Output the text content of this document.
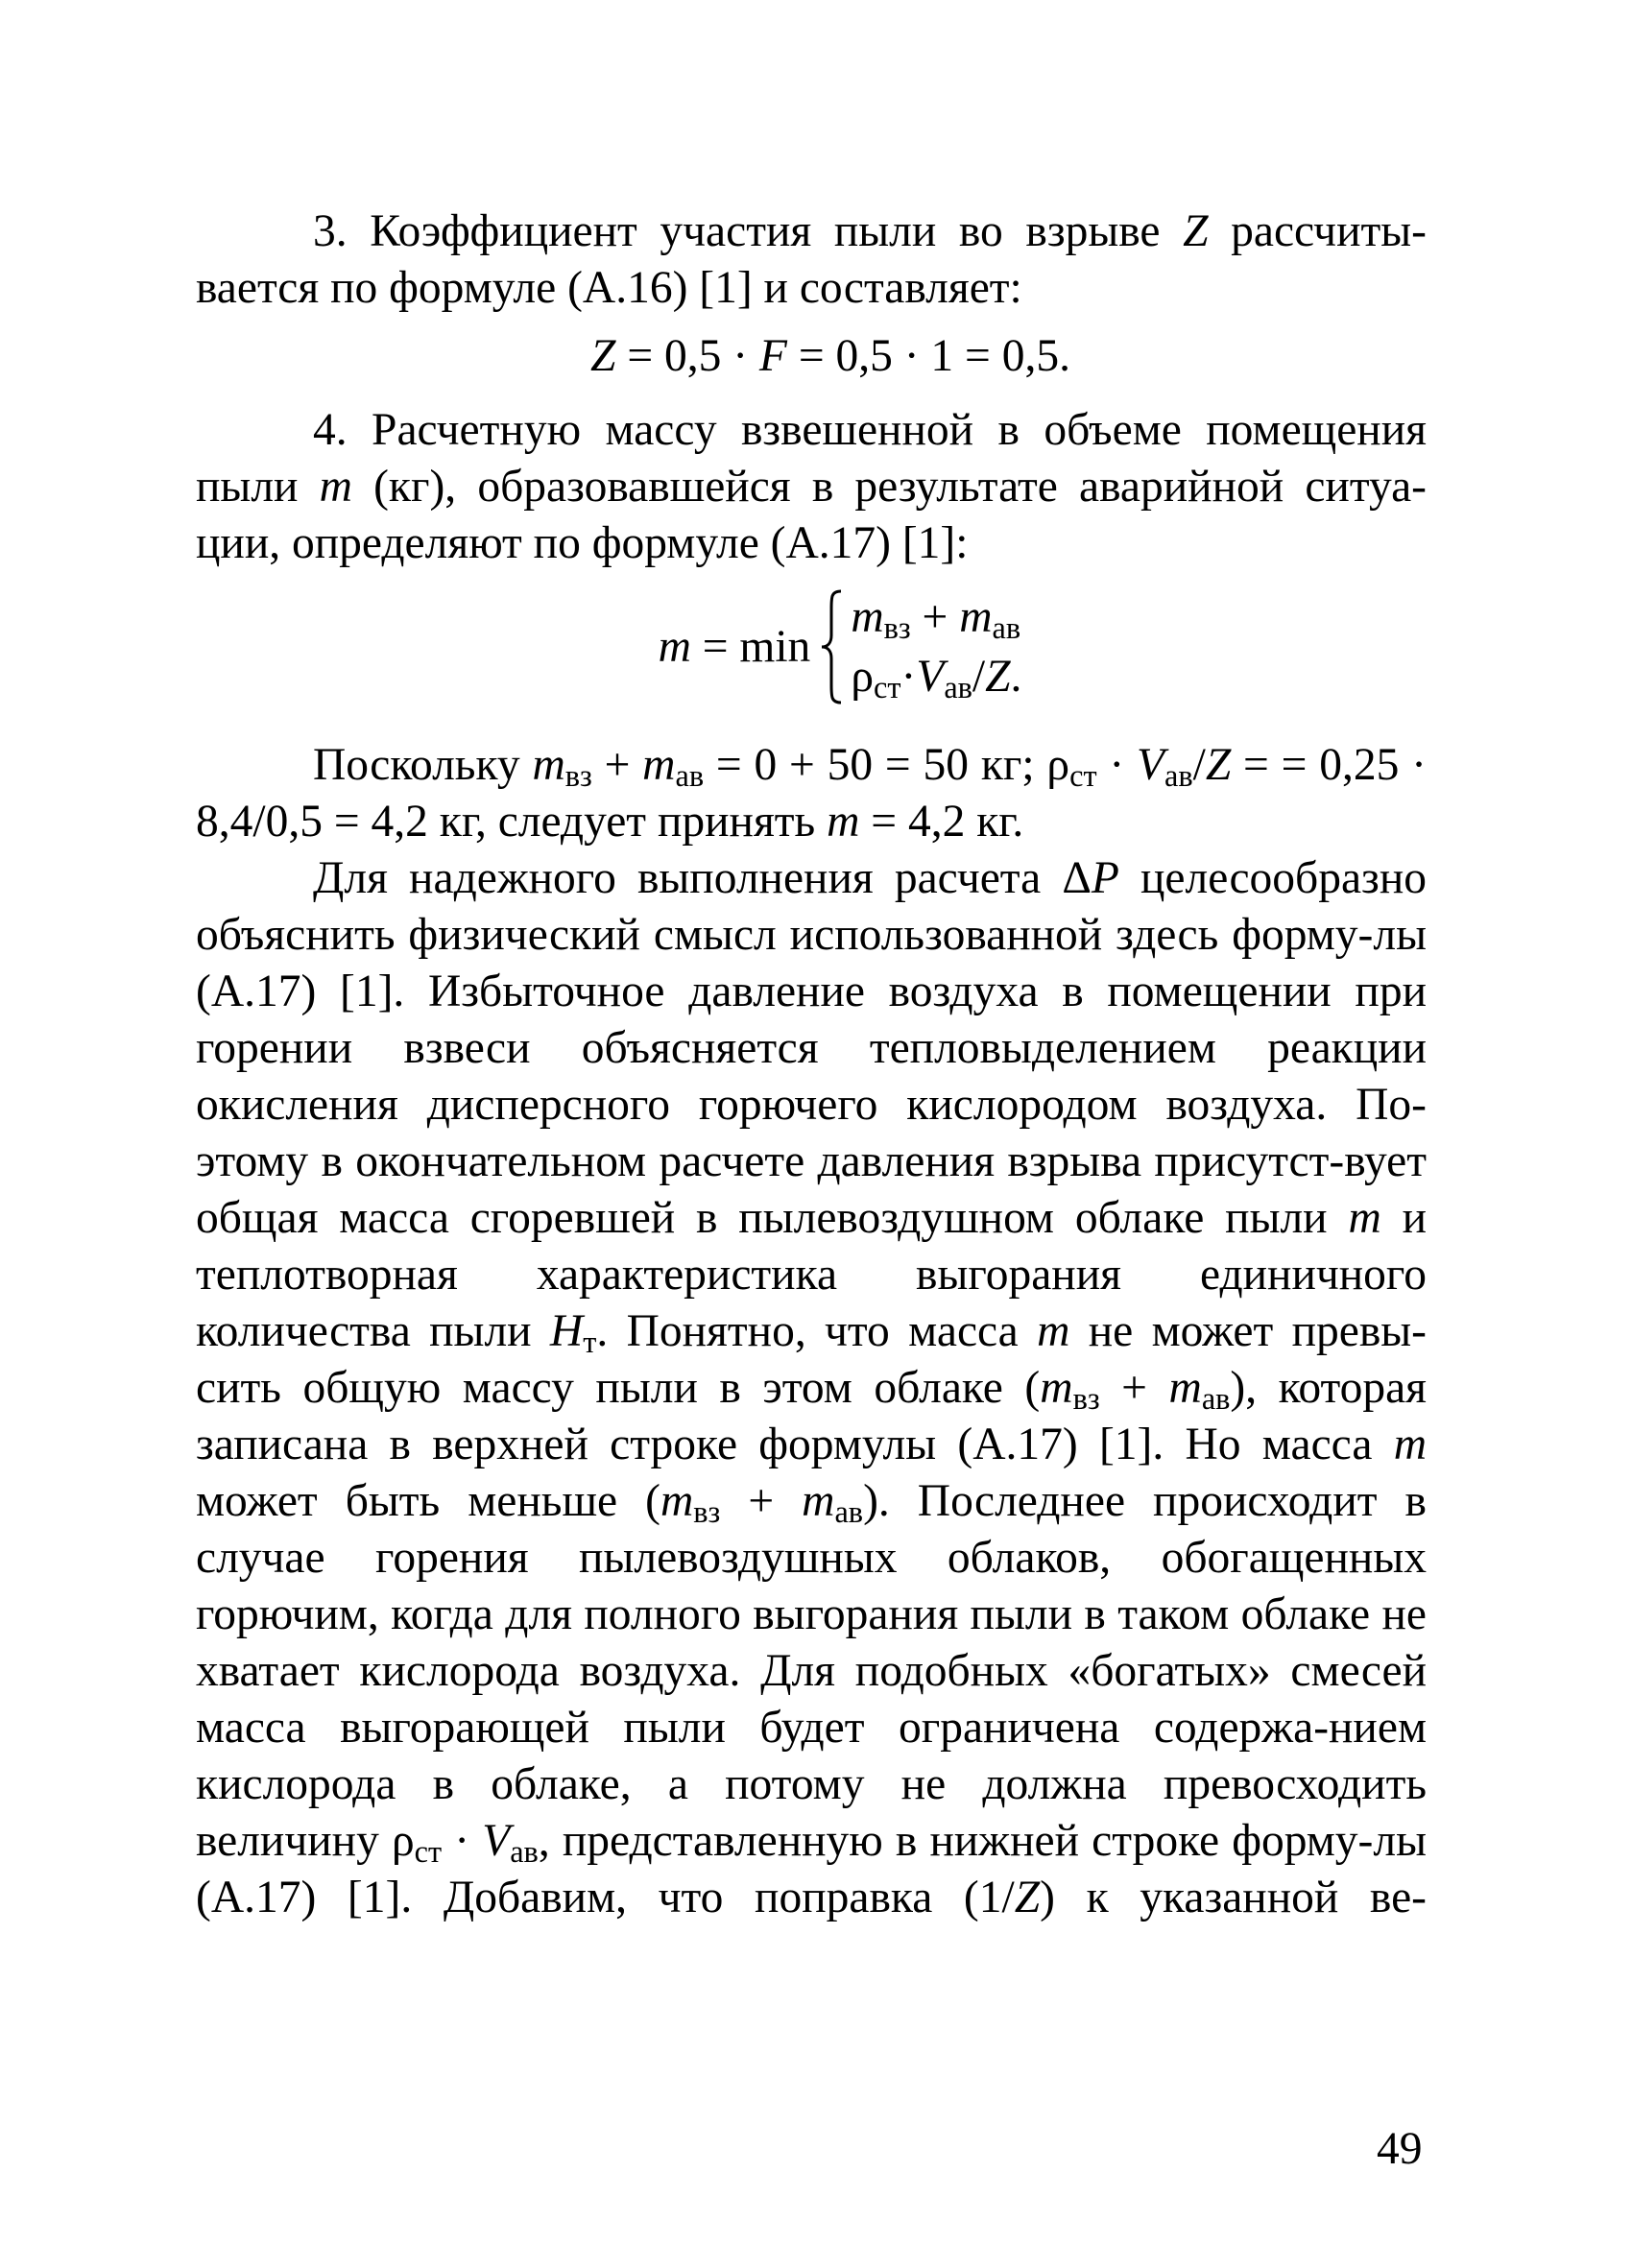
3. Коэффициент участия пыли во взрыве Z рассчиты-вается по формуле (А.16) [1] и составляет:

Z = 0,5 · F = 0,5 · 1 = 0,5.

4. Расчетную массу взвешенной в объеме помещения пыли m (кг), образовавшейся в результате аварийной ситуа-ции, определяют по формуле (А.17) [1]:

m = min
$m_{вз} + m_{ав}$
$\rho_{ст}\cdot V_{ав}/Z$.

Поскольку $m_{вз} + m_{ав} = 0 + 50 = 50$ кг; $\rho_{ст} \cdot V_{ав}/Z$ = = 0,25 · 8,4/0,5 = 4,2 кг, следует принять m = 4,2 кг.

Для надежного выполнения расчета ΔP целесообразно объяснить физический смысл использованной здесь форму-лы (А.17) [1]. Избыточное давление воздуха в помещении при горении взвеси объясняется тепловыделением реакции окисления дисперсного горючего кислородом воздуха. По-этому в окончательном расчете давления взрыва присутст-вует общая масса сгоревшей в пылевоздушном облаке пыли m и теплотворная характеристика выгорания единичного количества пыли $H_т$. Понятно, что масса m не может превы-сить общую массу пыли в этом облаке $(m_{вз} + m_{ав})$, которая записана в верхней строке формулы (А.17) [1]. Но масса m может быть меньше $(m_{вз} + m_{ав})$. Последнее происходит в случае горения пылевоздушных облаков, обогащенных горючим, когда для полного выгорания пыли в таком облаке не хватает кислорода воздуха. Для подобных «богатых» смесей масса выгорающей пыли будет ограничена содержа-нием кислорода в облаке, а потому не должна превосходить величину $\rho_{ст} \cdot V_{ав}$, представленную в нижней строке форму-лы (А.17) [1]. Добавим, что поправка (1/Z) к указанной ве-

49
